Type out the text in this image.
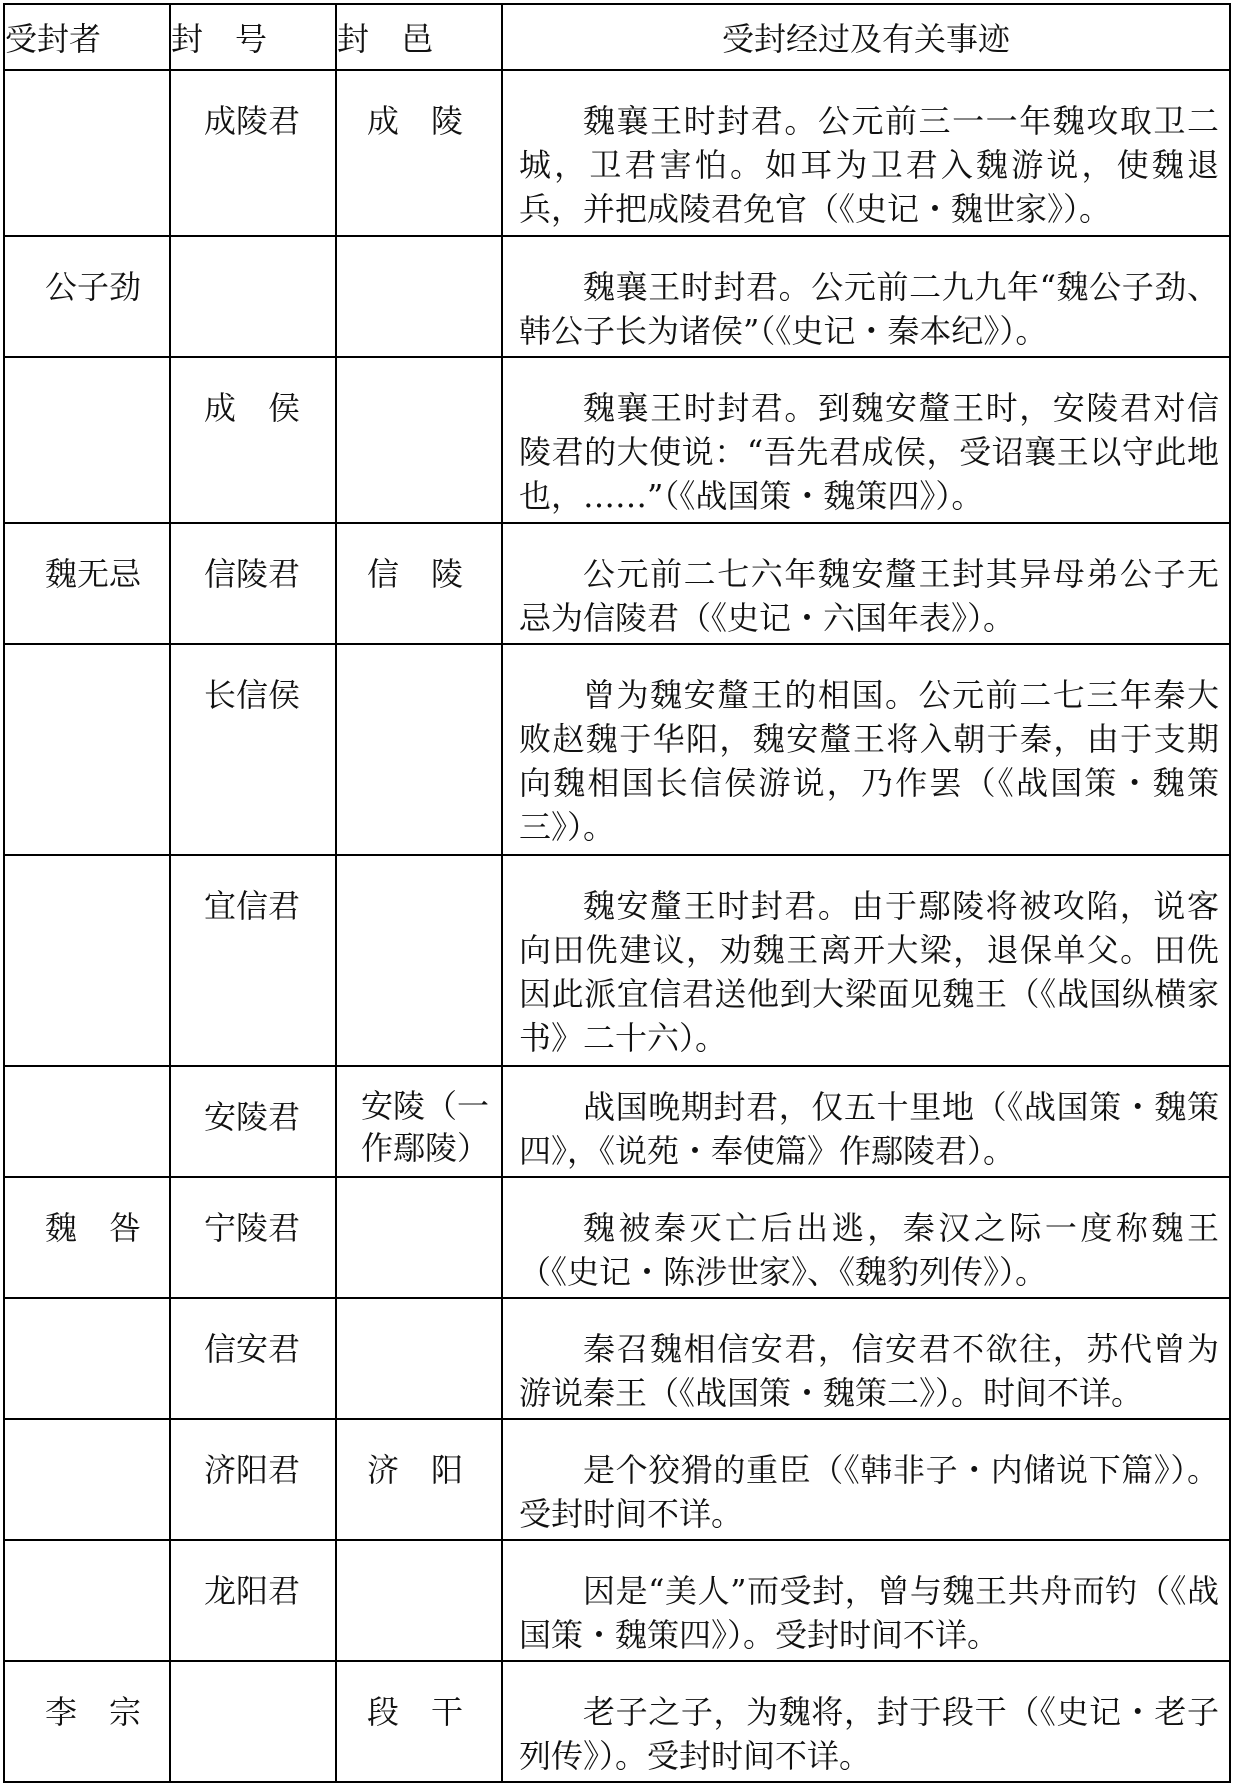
受封者	封　号	封　邑	受封经过及有关事迹

	成陵君	成　陵	魏襄王时封君。公元前三一一年魏攻取卫二城，卫君害怕。如耳为卫君入魏游说，使魏退兵，并把成陵君免官（《史记・魏世家》）。

公子劲			魏襄王时封君。公元前二九九年“魏公子劲、韩公子长为诸侯”（《史记・秦本纪》）。

	成　侯		魏襄王时封君。到魏安釐王时，安陵君对信陵君的大使说：“吾先君成侯，受诏襄王以守此地也，……”（《战国策・魏策四》）。

魏无忌	信陵君	信　陵	公元前二七六年魏安釐王封其异母弟公子无忌为信陵君（《史记・六国年表》）。

	长信侯		曾为魏安釐王的相国。公元前二七三年秦大败赵魏于华阳，魏安釐王将入朝于秦，由于支期向魏相国长信侯游说，乃作罢（《战国策・魏策三》）。

	宜信君		魏安釐王时封君。由于鄢陵将被攻陷，说客向田侁建议，劝魏王离开大梁，退保单父。田侁因此派宜信君送他到大梁面见魏王（《战国纵横家书》二十六）。

	安陵君	安陵（一
作鄢陵）	战国晚期封君，仅五十里地（《战国策・魏策四》，《说苑・奉使篇》作鄢陵君）。

魏　咎	宁陵君		魏被秦灭亡后出逃，秦汉之际一度称魏王（《史记・陈涉世家》、《魏豹列传》）。

	信安君		秦召魏相信安君，信安君不欲往，苏代曾为游说秦王（《战国策・魏策二》）。时间不详。

	济阳君	济　阳	是个狡猾的重臣（《韩非子・内储说下篇》）。受封时间不详。

	龙阳君		因是“美人”而受封，曾与魏王共舟而钓（《战国策・魏策四》）。受封时间不详。

李　宗		段　干	老子之子，为魏将，封于段干（《史记・老子列传》）。受封时间不详。
